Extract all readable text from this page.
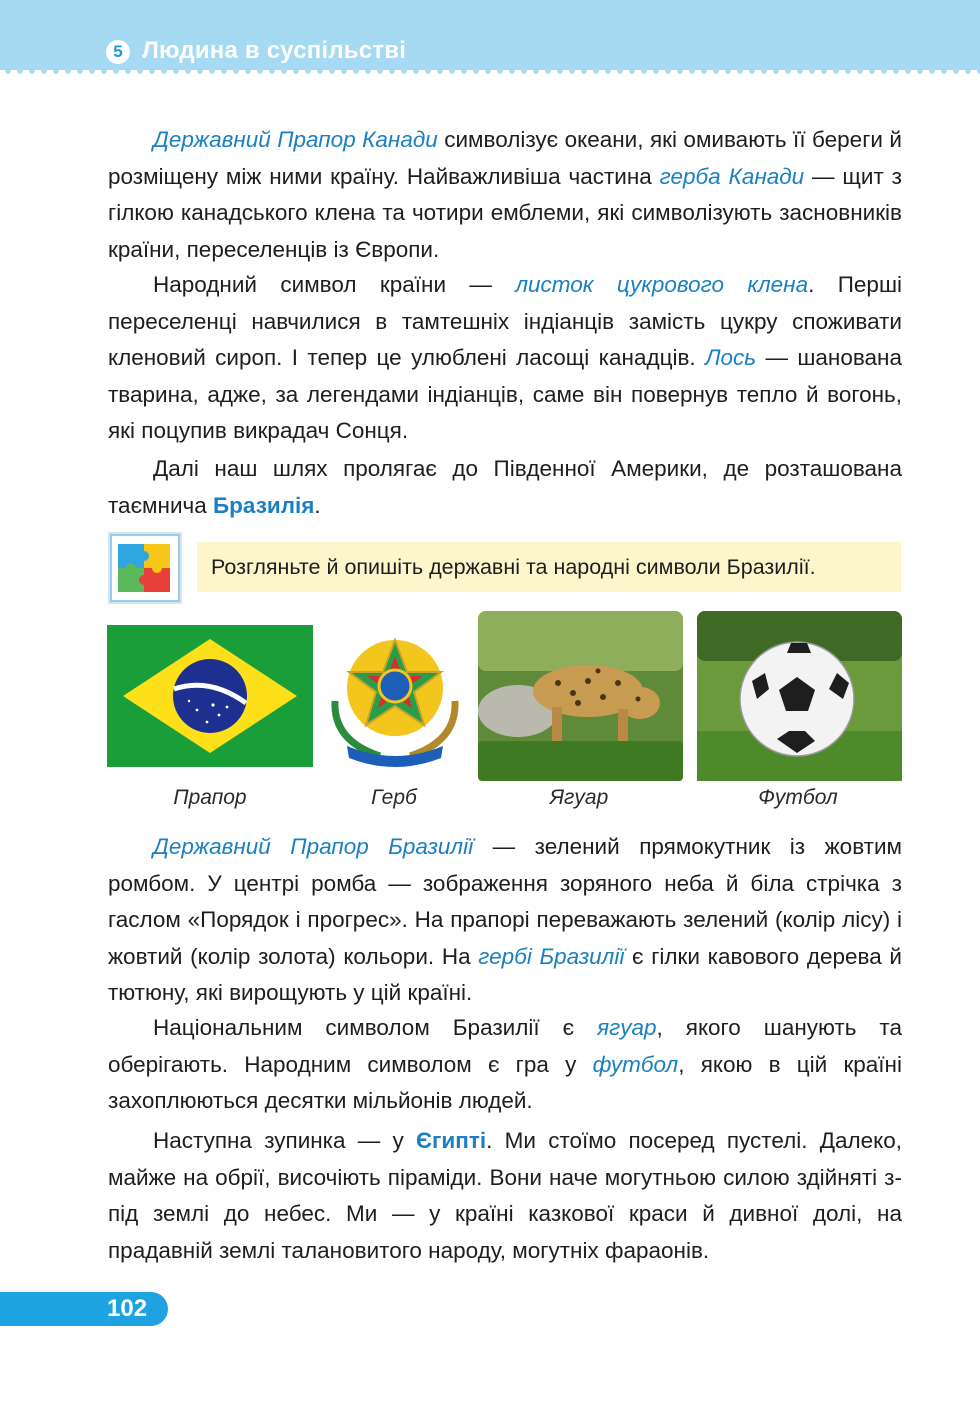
5 Людина в суспільстві

Державний Прапор Канади символізує океани, які омивають її береги й розміщену між ними країну. Найважливіша частина герба Канади — щит з гілкою канадського клена та чотири емблеми, які символізують засновників країни, переселенців із Європи.

Народний символ країни — листок цукрового клена. Перші переселенці навчилися в тамтешніх індіанців замість цукру споживати кленовий сироп. І тепер це улюблені ласощі канадців. Лось — шанована тварина, адже, за легендами індіанців, саме він повернув тепло й вогонь, які поцупив викрадач Сонця.

Далі наш шлях пролягає до Південної Америки, де розташована таємнича Бразилія.

Розгляньте й опишіть державні та народні символи Бразилії.
Прапор	Герб	Ягуар	Футбол

Державний Прапор Бразилії — зелений прямокутник із жовтим ромбом. У центрі ромба — зображення зоряного неба й біла стрічка з гаслом «Порядок і прогрес». На прапорі переважають зелений (колір лісу) і жовтий (колір золота) кольори. На гербі Бразилії є гілки кавового дерева й тютюну, які вирощують у цій країні.

Національним символом Бразилії є ягуар, якого шанують та оберігають. Народним символом є гра у футбол, якою в цій країні захоплюються десятки мільйонів людей.

Наступна зупинка — у Єгипті. Ми стоїмо посеред пустелі. Далеко, майже на обрії, височіють піраміди. Вони наче могутньою силою здійняті з-під землі до небес. Ми — у країні казкової краси й дивної долі, на прадавній землі талановитого народу, могутніх фараонів.

102
